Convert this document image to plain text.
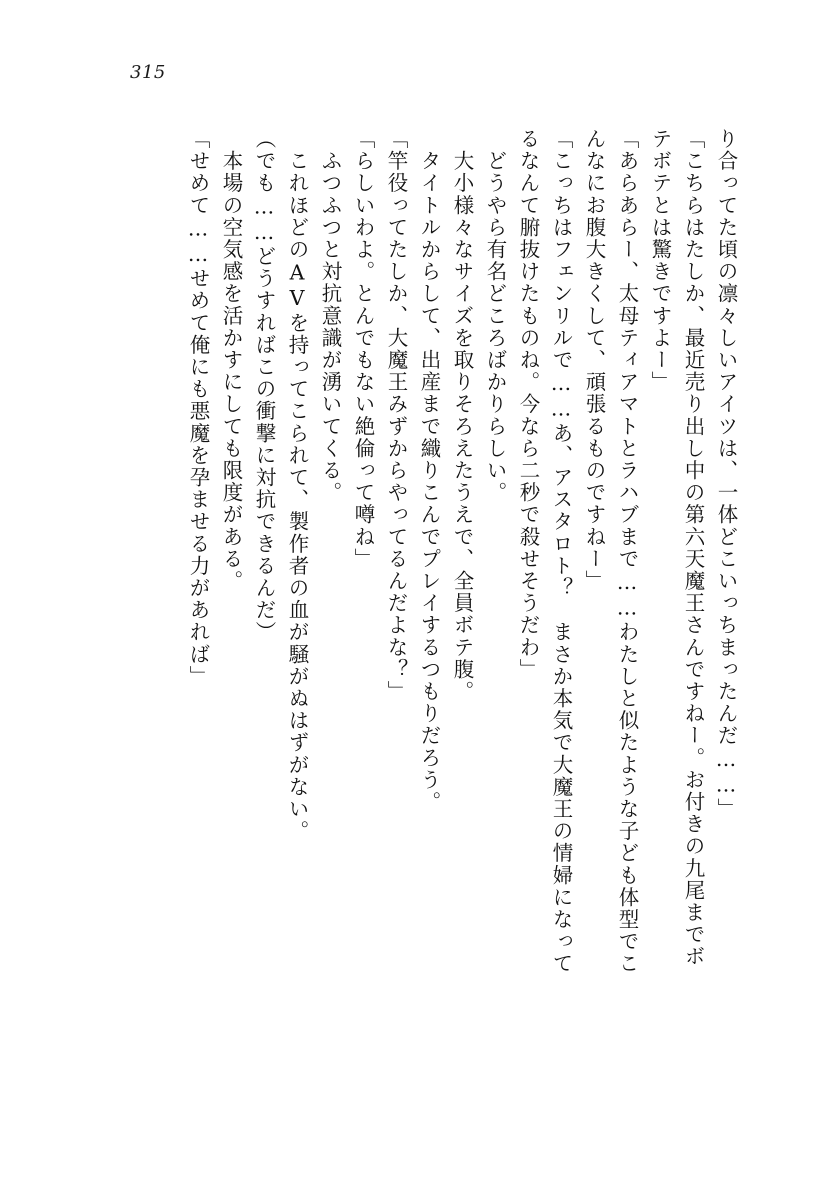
315
り合ってた頃の凛々しいアイツは、一体どこいっちまったんだ……」
「こちらはたしか、最近売り出し中の第六天魔王さんですねー。お付きの九尾までボ
テボテとは驚きですよー」
「あらあらー、太母ティアマトとラハブまで……わたしと似たような子ども体型でこ
んなにお腹大きくして、頑張るものですねー」
「こっちはフェンリルで……あ、アスタロト？　まさか本気で大魔王の情婦になって
るなんて腑抜けたものね。今なら二秒で殺せそうだわ」
　どうやら有名どころばかりらしい。
　大小様々なサイズを取りそろえたうえで、全員ボテ腹。
　タイトルからして、出産まで織りこんでプレイするつもりだろう。
「竿役ってたしか、大魔王みずからやってるんだよな？」
「らしいわよ。とんでもない絶倫って噂ね」
　ふつふつと対抗意識が湧いてくる。
　これほどのAVを持ってこられて、製作者の血が騒がぬはずがない。
（でも……どうすればこの衝撃に対抗できるんだ）
　本場の空気感を活かすにしても限度がある。
「せめて……せめて俺にも悪魔を孕ませる力があれば」
